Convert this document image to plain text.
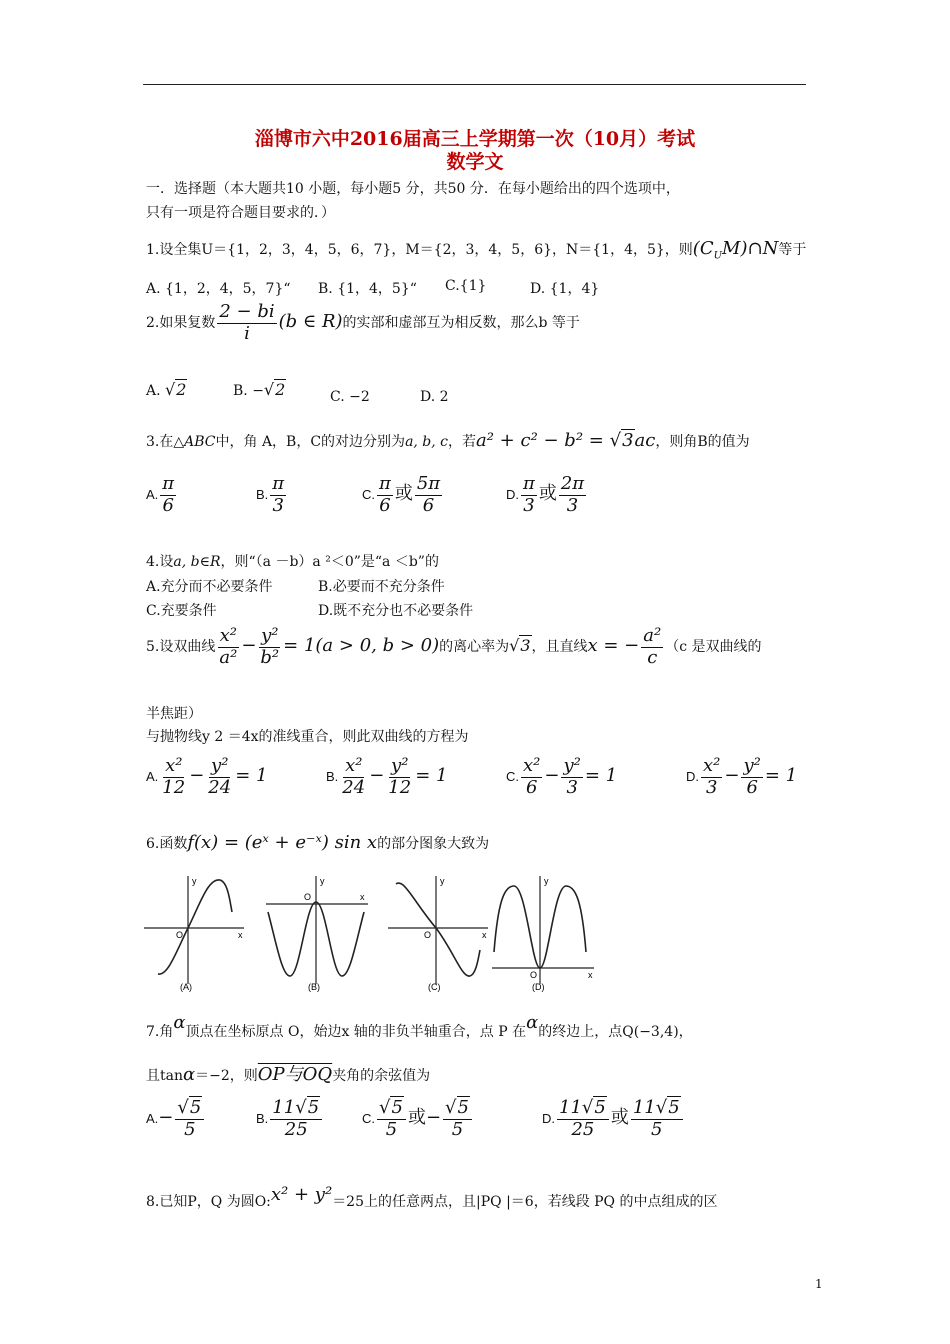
淄博市六中2016届高三上学期第一次（10月）考试
数学文
一．选择题（本大题共10 小题，每小题5 分，共50 分．在每小题给出的四个选项中，
只有一项是符合题目要求的．）
1.设全集U＝{1，2，3，4，5，6，7}，M＝{2，3，4，5，6}，N＝{1，4，5}，则$(C_UM)\cap N$等于
A. {1，2，4，5，7}“ B. {1，4，5}“ C.{1}	D. {1，4}
2.如果复数 $\frac{2 - bi}{i} (b$ ∈ R)的实部和虚部互为相反数，那么b 等于
A. √2	B. −√2	C. −2	D. 2
3.在△ABC中，角 A，B，C的对边分别为a, b, c，若a² + c² − b² = √3ac，则角B的值为
A. $\frac{\pi}{6}$	B. $\frac{\pi}{3}$	C. $\frac{\pi}{6}$ 或 $\frac{5\pi}{6}$	D. $\frac{\pi}{3}$ 或 $\frac{2\pi}{3}$
4.设a, b∈R，则“（a －b）a ²＜0”是“a ＜b”的
A.充分而不必要条件	B.必要而不充分条件
C.充要条件	D.既不充分也不必要条件
5.设双曲线 $\frac{\text{x²}}{\text{a²}} - \frac{\text{y²}}{\text{b²}} = 1(a > 0$, b > 0)的离心率为√3，且直线x = − $\frac{\text{a²}}{c} (c$ 是双曲线的
半焦距）
与抛物线y 2 ＝4x的准线重合，则此双曲线的方程为
A. $\frac{\text{x²}}{12} - \frac{\text{y²}}{24} = 1$	B. $\frac{\text{x²}}{24} - \frac{\text{y²}}{12} = 1$	C. $\frac{\text{x²}}{6} - \frac{\text{y²}}{3} = 1$	D. $\frac{\text{x²}}{3} - \frac{\text{y²}}{6} = 1$
6.函数f(x) = (eˣ + e⁻ˣ) sin x的部分图象大致为
y
x
O
(A)
y
x
O
(B)
y
x
O
(C)
y
x
O
(D)
7.角α顶点在坐标原点 O，始边x 轴的非负半轴重合，点 P 在α的终边上，点Q(−3,4)，
且tanα＝−2，则OP与OQ夹角的余弦值为
$A.- \frac{√5}{5}$	B. $\frac{11√5}{25}$	C. $\frac{√5}{5}$ 或− $\frac{√5}{5}$	D. $\frac{11√5}{25}$ 或 $\frac{11√5}{5}$
8.已知P，Q 为圆O:x² + y²＝25上的任意两点，且|PQ |＝6，若线段 PQ 的中点组成的区
1
